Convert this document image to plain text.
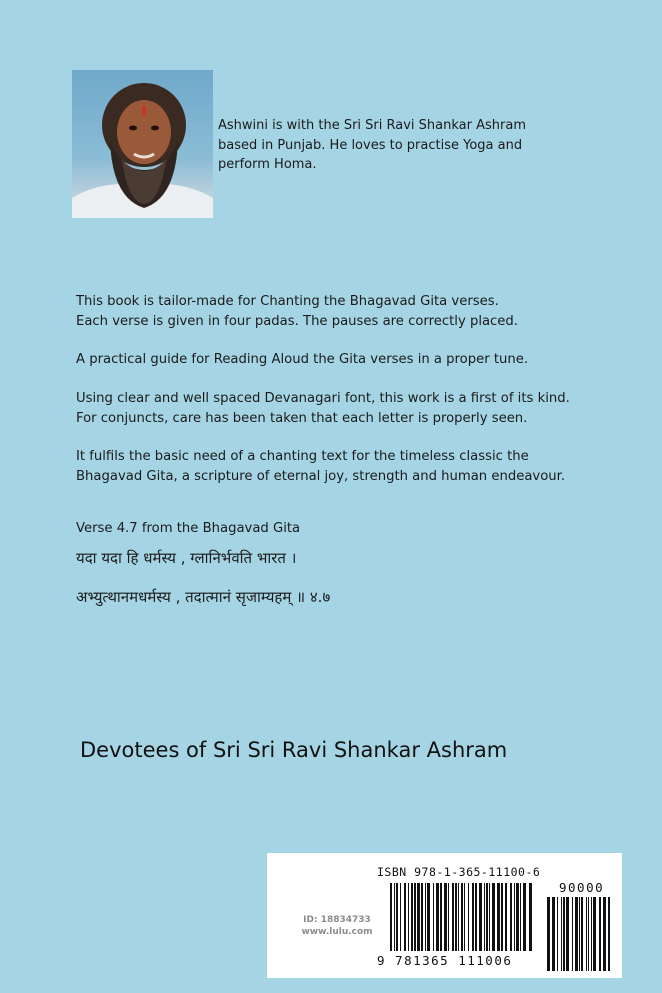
Ashwini is with the Sri Sri Ravi Shankar Ashram
based in Punjab. He loves to practise Yoga and
perform Homa.

This book is tailor-made for Chanting the Bhagavad Gita verses.
Each verse is given in four padas. The pauses are correctly placed.

A practical guide for Reading Aloud the Gita verses in a proper tune.

Using clear and well spaced Devanagari font, this work is a first of its kind.
For conjuncts, care has been taken that each letter is properly seen.

It fulfils the basic need of a chanting text for the timeless classic the
Bhagavad Gita, a scripture of eternal joy, strength and human endeavour.

Verse 4.7 from the Bhagavad Gita

यदा यदा हि धर्मस्य , ग्लानिर्भवति भारत ।

अभ्युत्थानमधर्मस्य , तदात्मानं सृजाम्यहम् ॥ ४.७

Devotees of Sri Sri Ravi Shankar Ashram
ID: 18834733
www.lulu.com
ISBN 978-1-365-11100-6
9 781365 111006
90000
